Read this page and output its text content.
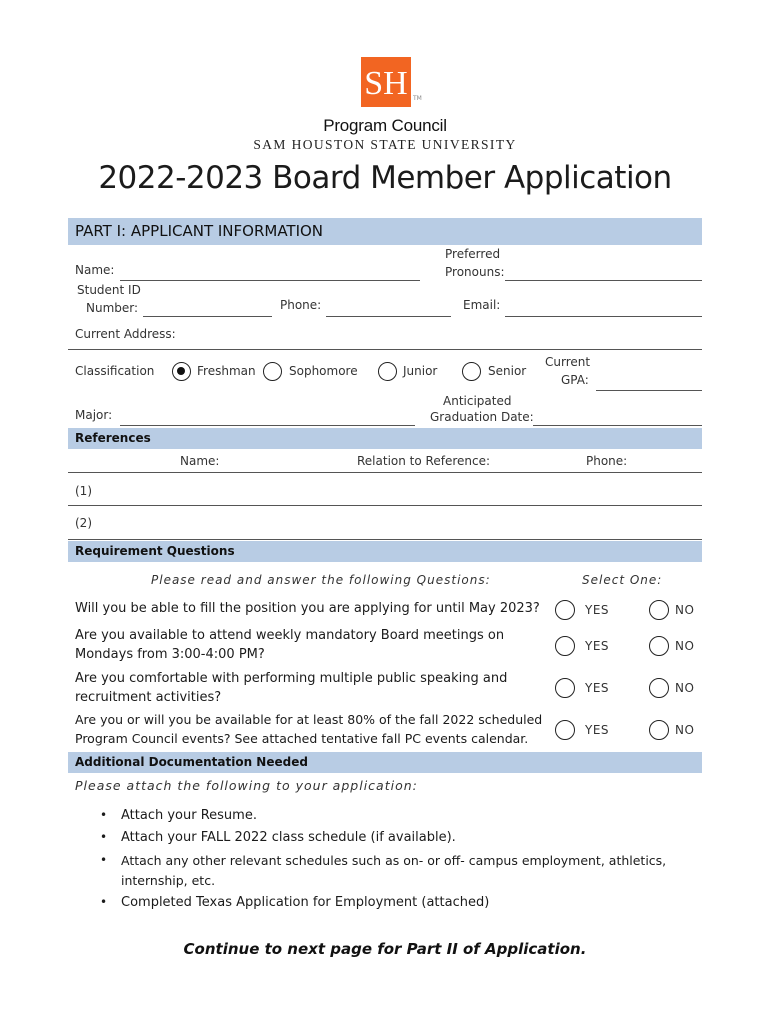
SH TM
Program Council
SAM HOUSTON STATE UNIVERSITY
2022-2023 Board Member Application
PART I: APPLICANT INFORMATION
Name:
Preferred
Pronouns:
Student ID
Number:	Phone:	Email:
Current Address:
Classification	Freshman	Sophomore	Junior	Senior
Current
GPA:
Major:
Anticipated
Graduation Date:
References
Name:	Relation to Reference:	Phone:
(1)
(2)
Requirement Questions
Please read and answer the following Questions:	Select One:
Will you be able to fill the position you are applying for until May 2023?	YES	NO
Are you available to attend weekly mandatory Board meetings on
Mondays from 3:00-4:00 PM?
YES	NO
Are you comfortable with performing multiple public speaking and
recruitment activities?
YES	NO
Are you or will you be available for at least 80% of the fall 2022 scheduled
Program Council events? See attached tentative fall PC events calendar.
YES	NO
Additional Documentation Needed
Please attach the following to your application:
• Attach your Resume.
• Attach your FALL 2022 class schedule (if available).
• Attach any other relevant schedules such as on- or off- campus employment, athletics,
internship, etc.
• Completed Texas Application for Employment (attached)
Continue to next page for Part II of Application.
